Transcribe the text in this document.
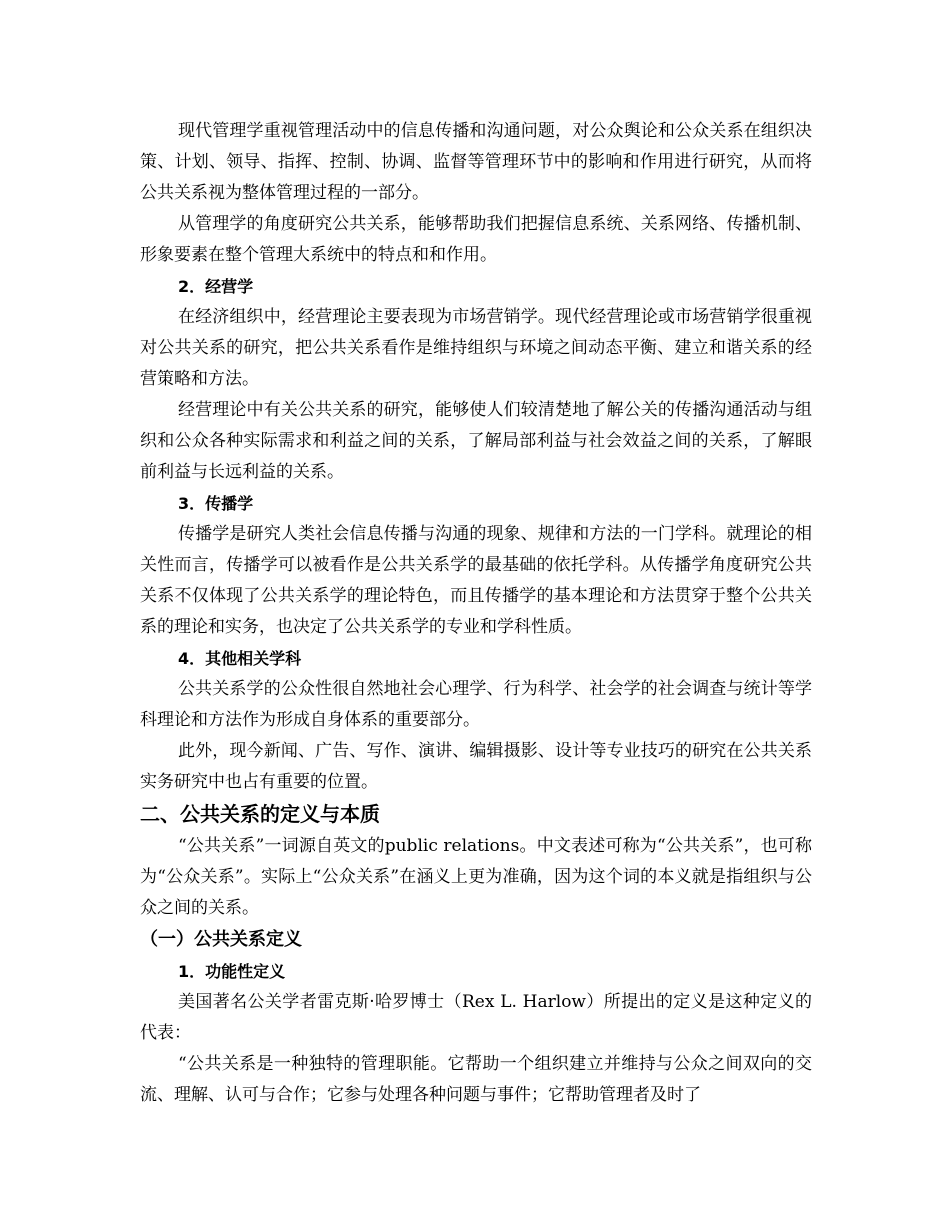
现代管理学重视管理活动中的信息传播和沟通问题，对公众舆论和公众关系在组织决策、计划、领导、指挥、控制、协调、监督等管理环节中的影响和作用进行研究，从而将公共关系视为整体管理过程的一部分。

从管理学的角度研究公共关系，能够帮助我们把握信息系统、关系网络、传播机制、形象要素在整个管理大系统中的特点和和作用。

2．经营学

在经济组织中，经营理论主要表现为市场营销学。现代经营理论或市场营销学很重视对公共关系的研究，把公共关系看作是维持组织与环境之间动态平衡、建立和谐关系的经营策略和方法。

经营理论中有关公共关系的研究，能够使人们较清楚地了解公关的传播沟通活动与组织和公众各种实际需求和利益之间的关系，了解局部利益与社会效益之间的关系，了解眼前利益与长远利益的关系。

3．传播学

传播学是研究人类社会信息传播与沟通的现象、规律和方法的一门学科。就理论的相关性而言，传播学可以被看作是公共关系学的最基础的依托学科。从传播学角度研究公共关系不仅体现了公共关系学的理论特色，而且传播学的基本理论和方法贯穿于整个公共关系的理论和实务，也决定了公共关系学的专业和学科性质。

4．其他相关学科

公共关系学的公众性很自然地社会心理学、行为科学、社会学的社会调查与统计等学科理论和方法作为形成自身体系的重要部分。

此外，现今新闻、广告、写作、演讲、编辑摄影、设计等专业技巧的研究在公共关系实务研究中也占有重要的位置。

二、公共关系的定义与本质

“公共关系”一词源自英文的public relations。中文表述可称为“公共关系”，也可称为“公众关系”。实际上“公众关系”在涵义上更为准确，因为这个词的本义就是指组织与公众之间的关系。

（一）公共关系定义

1．功能性定义

美国著名公关学者雷克斯·哈罗博士（Rex L. Harlow）所提出的定义是这种定义的代表：

“公共关系是一种独特的管理职能。它帮助一个组织建立并维持与公众之间双向的交流、理解、认可与合作；它参与处理各种问题与事件；它帮助管理者及时了
